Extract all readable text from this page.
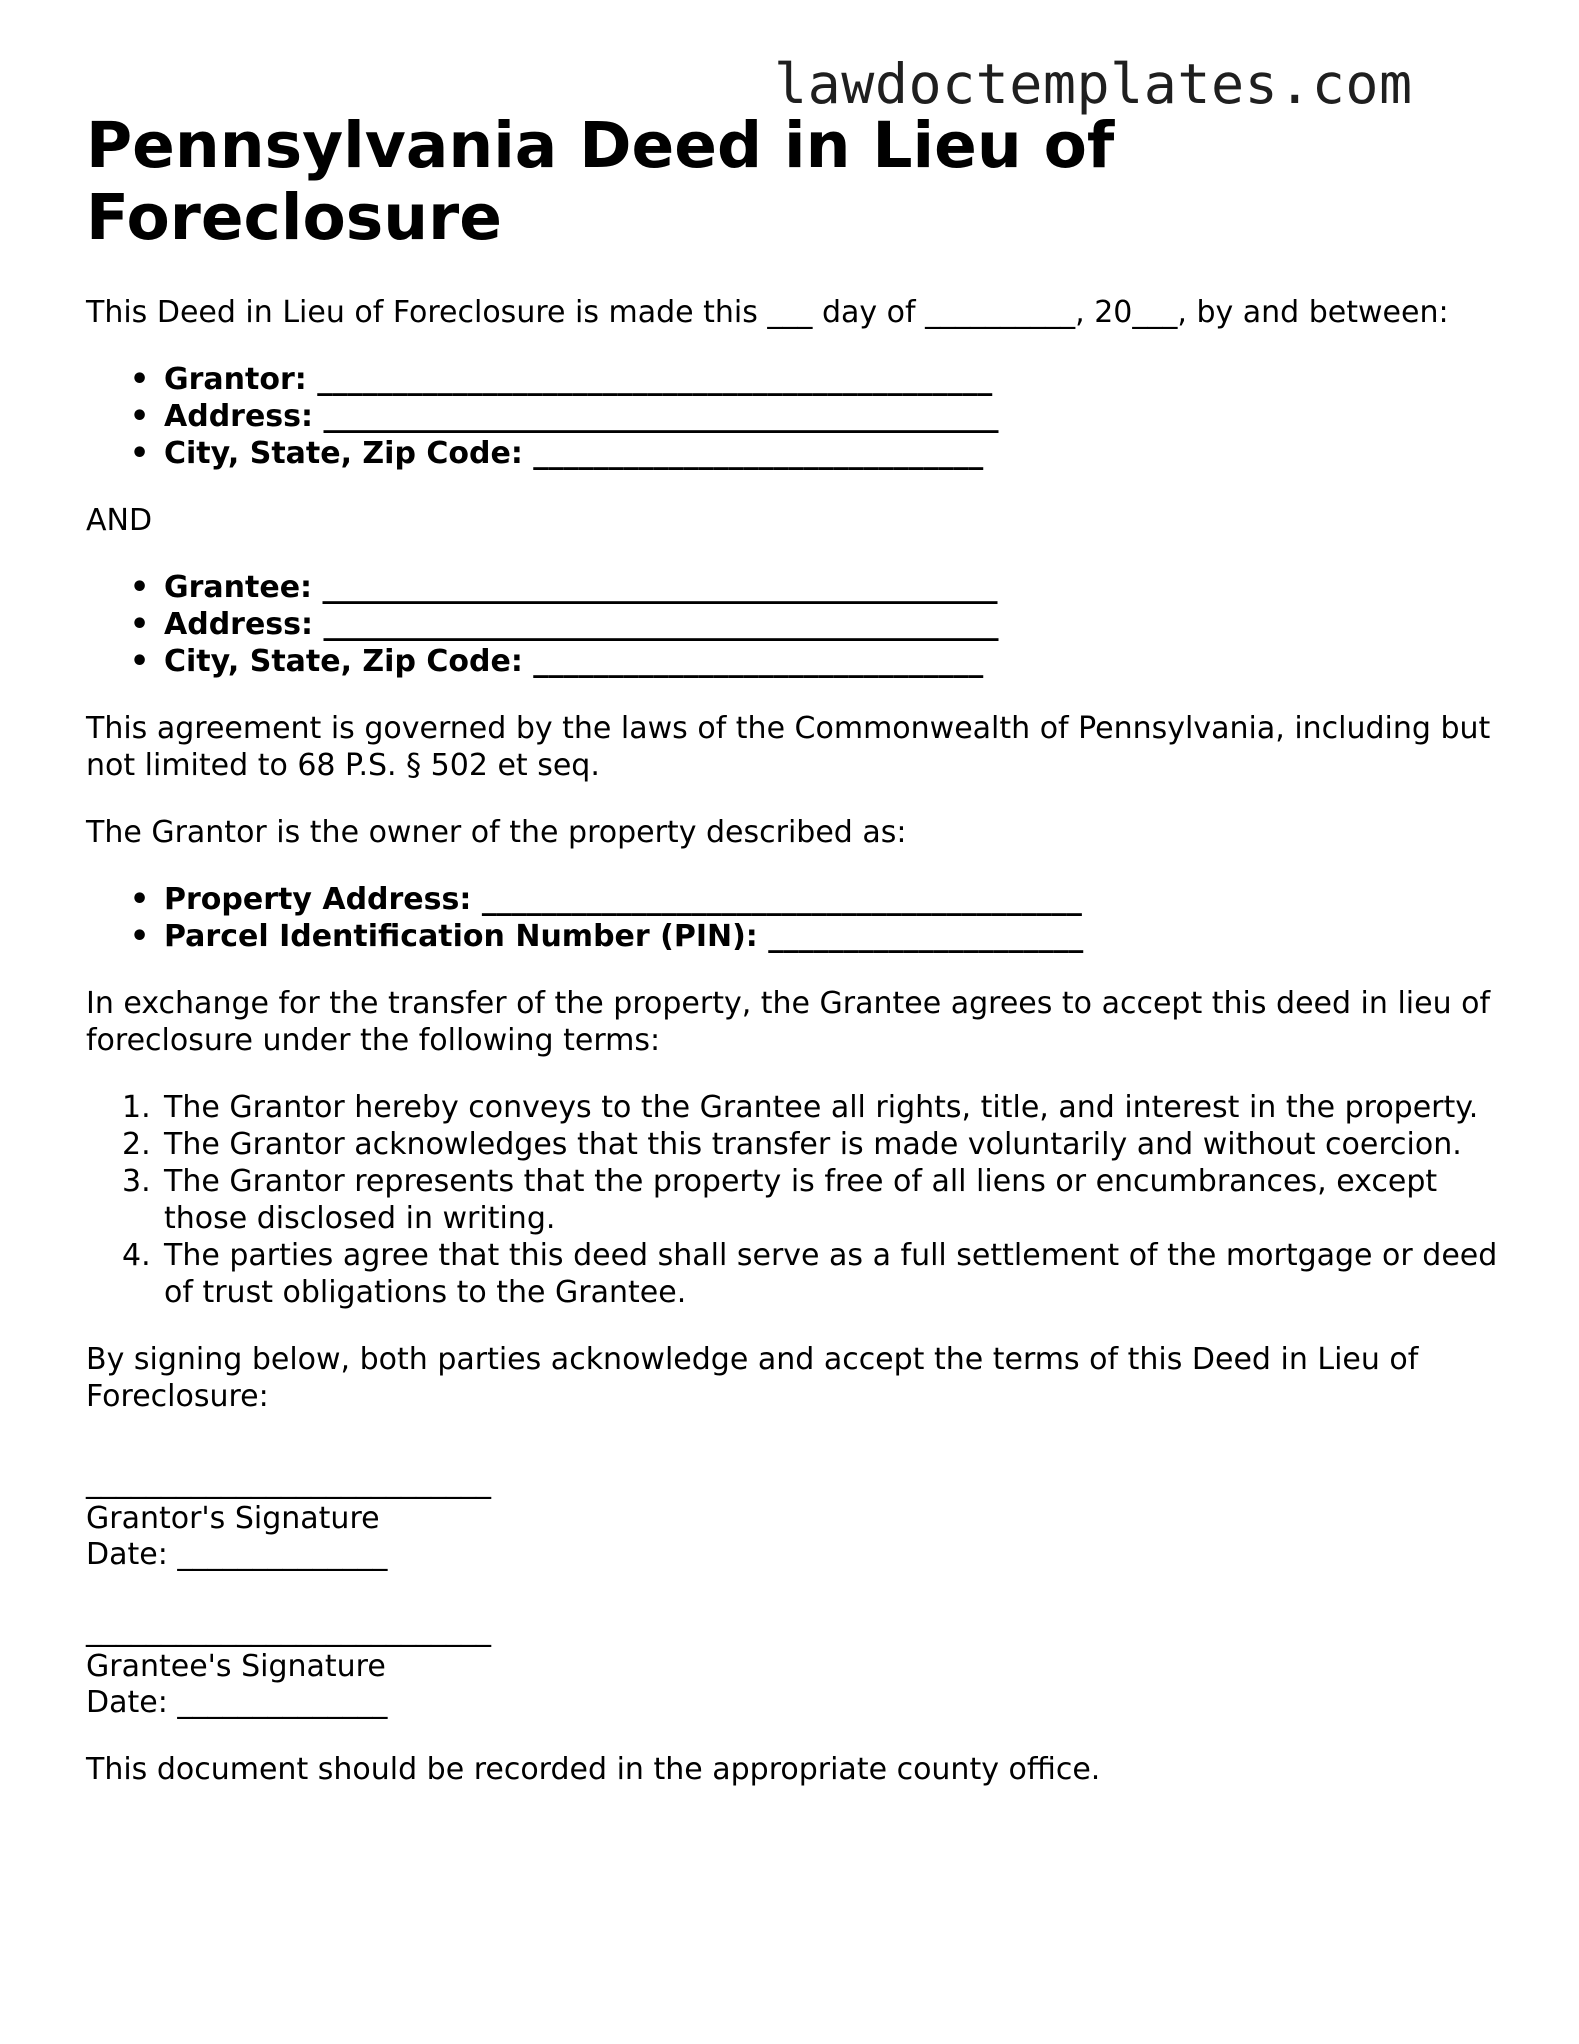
lawdoctemplates.com
Pennsylvania Deed in Lieu of Foreclosure

This Deed in Lieu of Foreclosure is made this ___ day of __________, 20___, by and between:

• Grantor: _____________________________________________
• Address: _____________________________________________
• City, State, Zip Code: ______________________________

AND

• Grantee: _____________________________________________
• Address: _____________________________________________
• City, State, Zip Code: ______________________________

This agreement is governed by the laws of the Commonwealth of Pennsylvania, including but not limited to 68 P.S. § 502 et seq.

The Grantor is the owner of the property described as:

• Property Address: ________________________________________
• Parcel Identification Number (PIN): _____________________

In exchange for the transfer of the property, the Grantee agrees to accept this deed in lieu of foreclosure under the following terms:

1. The Grantor hereby conveys to the Grantee all rights, title, and interest in the property.
2. The Grantor acknowledges that this transfer is made voluntarily and without coercion.
3. The Grantor represents that the property is free of all liens or encumbrances, except those disclosed in writing.
4. The parties agree that this deed shall serve as a full settlement of the mortgage or deed of trust obligations to the Grantee.

By signing below, both parties acknowledge and accept the terms of this Deed in Lieu of Foreclosure:

___________________________
Grantor's Signature
Date: ______________
___________________________
Grantee's Signature
Date: ______________

This document should be recorded in the appropriate county office.
